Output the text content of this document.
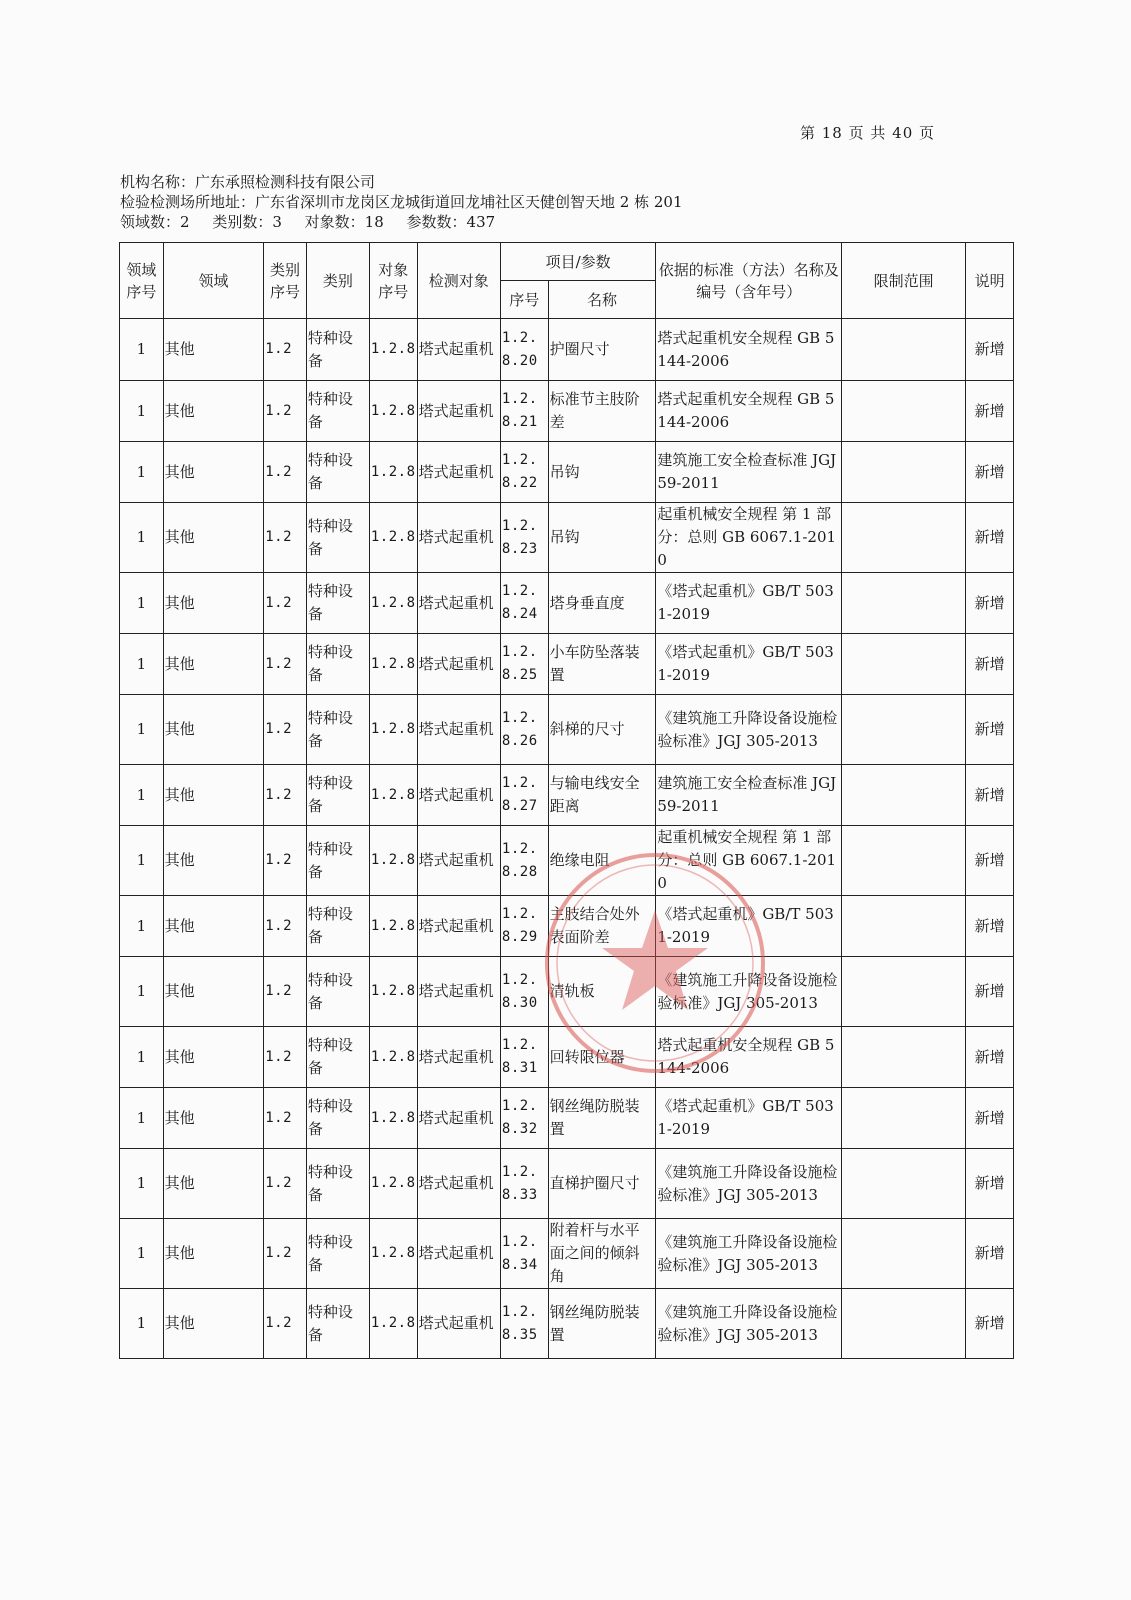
第 18 页 共 40 页
机构名称：广东承照检测科技有限公司
检验检测场所地址：广东省深圳市龙岗区龙城街道回龙埔社区天健创智天地 2 栋 201
领域数：2 类别数：3 对象数：18 参数数：437
领域序号	领域	类别序号	类别	对象序号	检测对象	项目/参数		依据的标准（方法）名称及编号（含年号）	限制范围	说明
						序号	名称			
1	其他	1.2	特种设备	1.2.8	塔式起重机	1.2.8.20	护圈尺寸	塔式起重机安全规程 GB 5144-2006		新增
1	其他	1.2	特种设备	1.2.8	塔式起重机	1.2.8.21	标准节主肢阶差	塔式起重机安全规程 GB 5144-2006		新增
1	其他	1.2	特种设备	1.2.8	塔式起重机	1.2.8.22	吊钩	建筑施工安全检查标准 JGJ 59-2011		新增
1	其他	1.2	特种设备	1.2.8	塔式起重机	1.2.8.23	吊钩	起重机械安全规程 第 1 部分：总则 GB 6067.1-2010		新增
1	其他	1.2	特种设备	1.2.8	塔式起重机	1.2.8.24	塔身垂直度	《塔式起重机》GB/T 5031-2019		新增
1	其他	1.2	特种设备	1.2.8	塔式起重机	1.2.8.25	小车防坠落装置	《塔式起重机》GB/T 5031-2019		新增
1	其他	1.2	特种设备	1.2.8	塔式起重机	1.2.8.26	斜梯的尺寸	《建筑施工升降设备设施检验标准》JGJ 305-2013		新增
1	其他	1.2	特种设备	1.2.8	塔式起重机	1.2.8.27	与输电线安全距离	建筑施工安全检查标准 JGJ 59-2011		新增
1	其他	1.2	特种设备	1.2.8	塔式起重机	1.2.8.28	绝缘电阻	起重机械安全规程 第 1 部分：总则 GB 6067.1-2010		新增
1	其他	1.2	特种设备	1.2.8	塔式起重机	1.2.8.29	主肢结合处外表面阶差	《塔式起重机》GB/T 5031-2019		新增
1	其他	1.2	特种设备	1.2.8	塔式起重机	1.2.8.30	清轨板	《建筑施工升降设备设施检验标准》JGJ 305-2013		新增
1	其他	1.2	特种设备	1.2.8	塔式起重机	1.2.8.31	回转限位器	塔式起重机安全规程 GB 5144-2006		新增
1	其他	1.2	特种设备	1.2.8	塔式起重机	1.2.8.32	钢丝绳防脱装置	《塔式起重机》GB/T 5031-2019		新增
1	其他	1.2	特种设备	1.2.8	塔式起重机	1.2.8.33	直梯护圈尺寸	《建筑施工升降设备设施检验标准》JGJ 305-2013		新增
1	其他	1.2	特种设备	1.2.8	塔式起重机	1.2.8.34	附着杆与水平面之间的倾斜角	《建筑施工升降设备设施检验标准》JGJ 305-2013		新增
1	其他	1.2	特种设备	1.2.8	塔式起重机	1.2.8.35	钢丝绳防脱装置	《建筑施工升降设备设施检验标准》JGJ 305-2013		新增
